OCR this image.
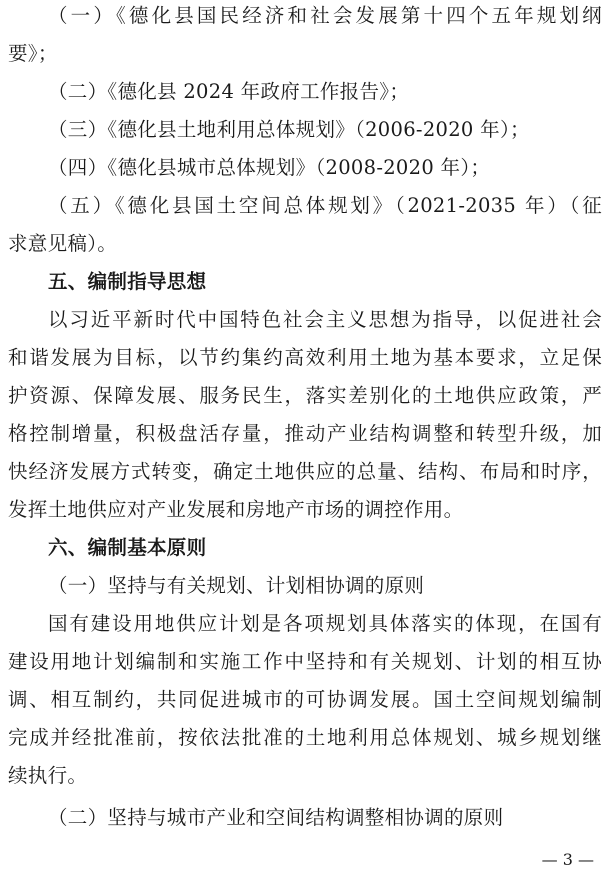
（一）《德化县国民经济和社会发展第十四个五年规划纲
要》；
（二）《德化县 2024 年政府工作报告》；
（三）《德化县土地利用总体规划》（2006-2020 年）；
（四）《德化县城市总体规划》（2008-2020 年）；
（五）《德化县国土空间总体规划》（2021-2035 年）（征
求意见稿）。
五、编制指导思想
以习近平新时代中国特色社会主义思想为指导，以促进社会
和谐发展为目标，以节约集约高效利用土地为基本要求，立足保
护资源、保障发展、服务民生，落实差别化的土地供应政策，严
格控制增量，积极盘活存量，推动产业结构调整和转型升级，加
快经济发展方式转变，确定土地供应的总量、结构、布局和时序，
发挥土地供应对产业发展和房地产市场的调控作用。
六、编制基本原则
（一）坚持与有关规划、计划相协调的原则
国有建设用地供应计划是各项规划具体落实的体现，在国有
建设用地计划编制和实施工作中坚持和有关规划、计划的相互协
调、相互制约，共同促进城市的可协调发展。国土空间规划编制
完成并经批准前，按依法批准的土地利用总体规划、城乡规划继
续执行。
（二）坚持与城市产业和空间结构调整相协调的原则
— 3 —
